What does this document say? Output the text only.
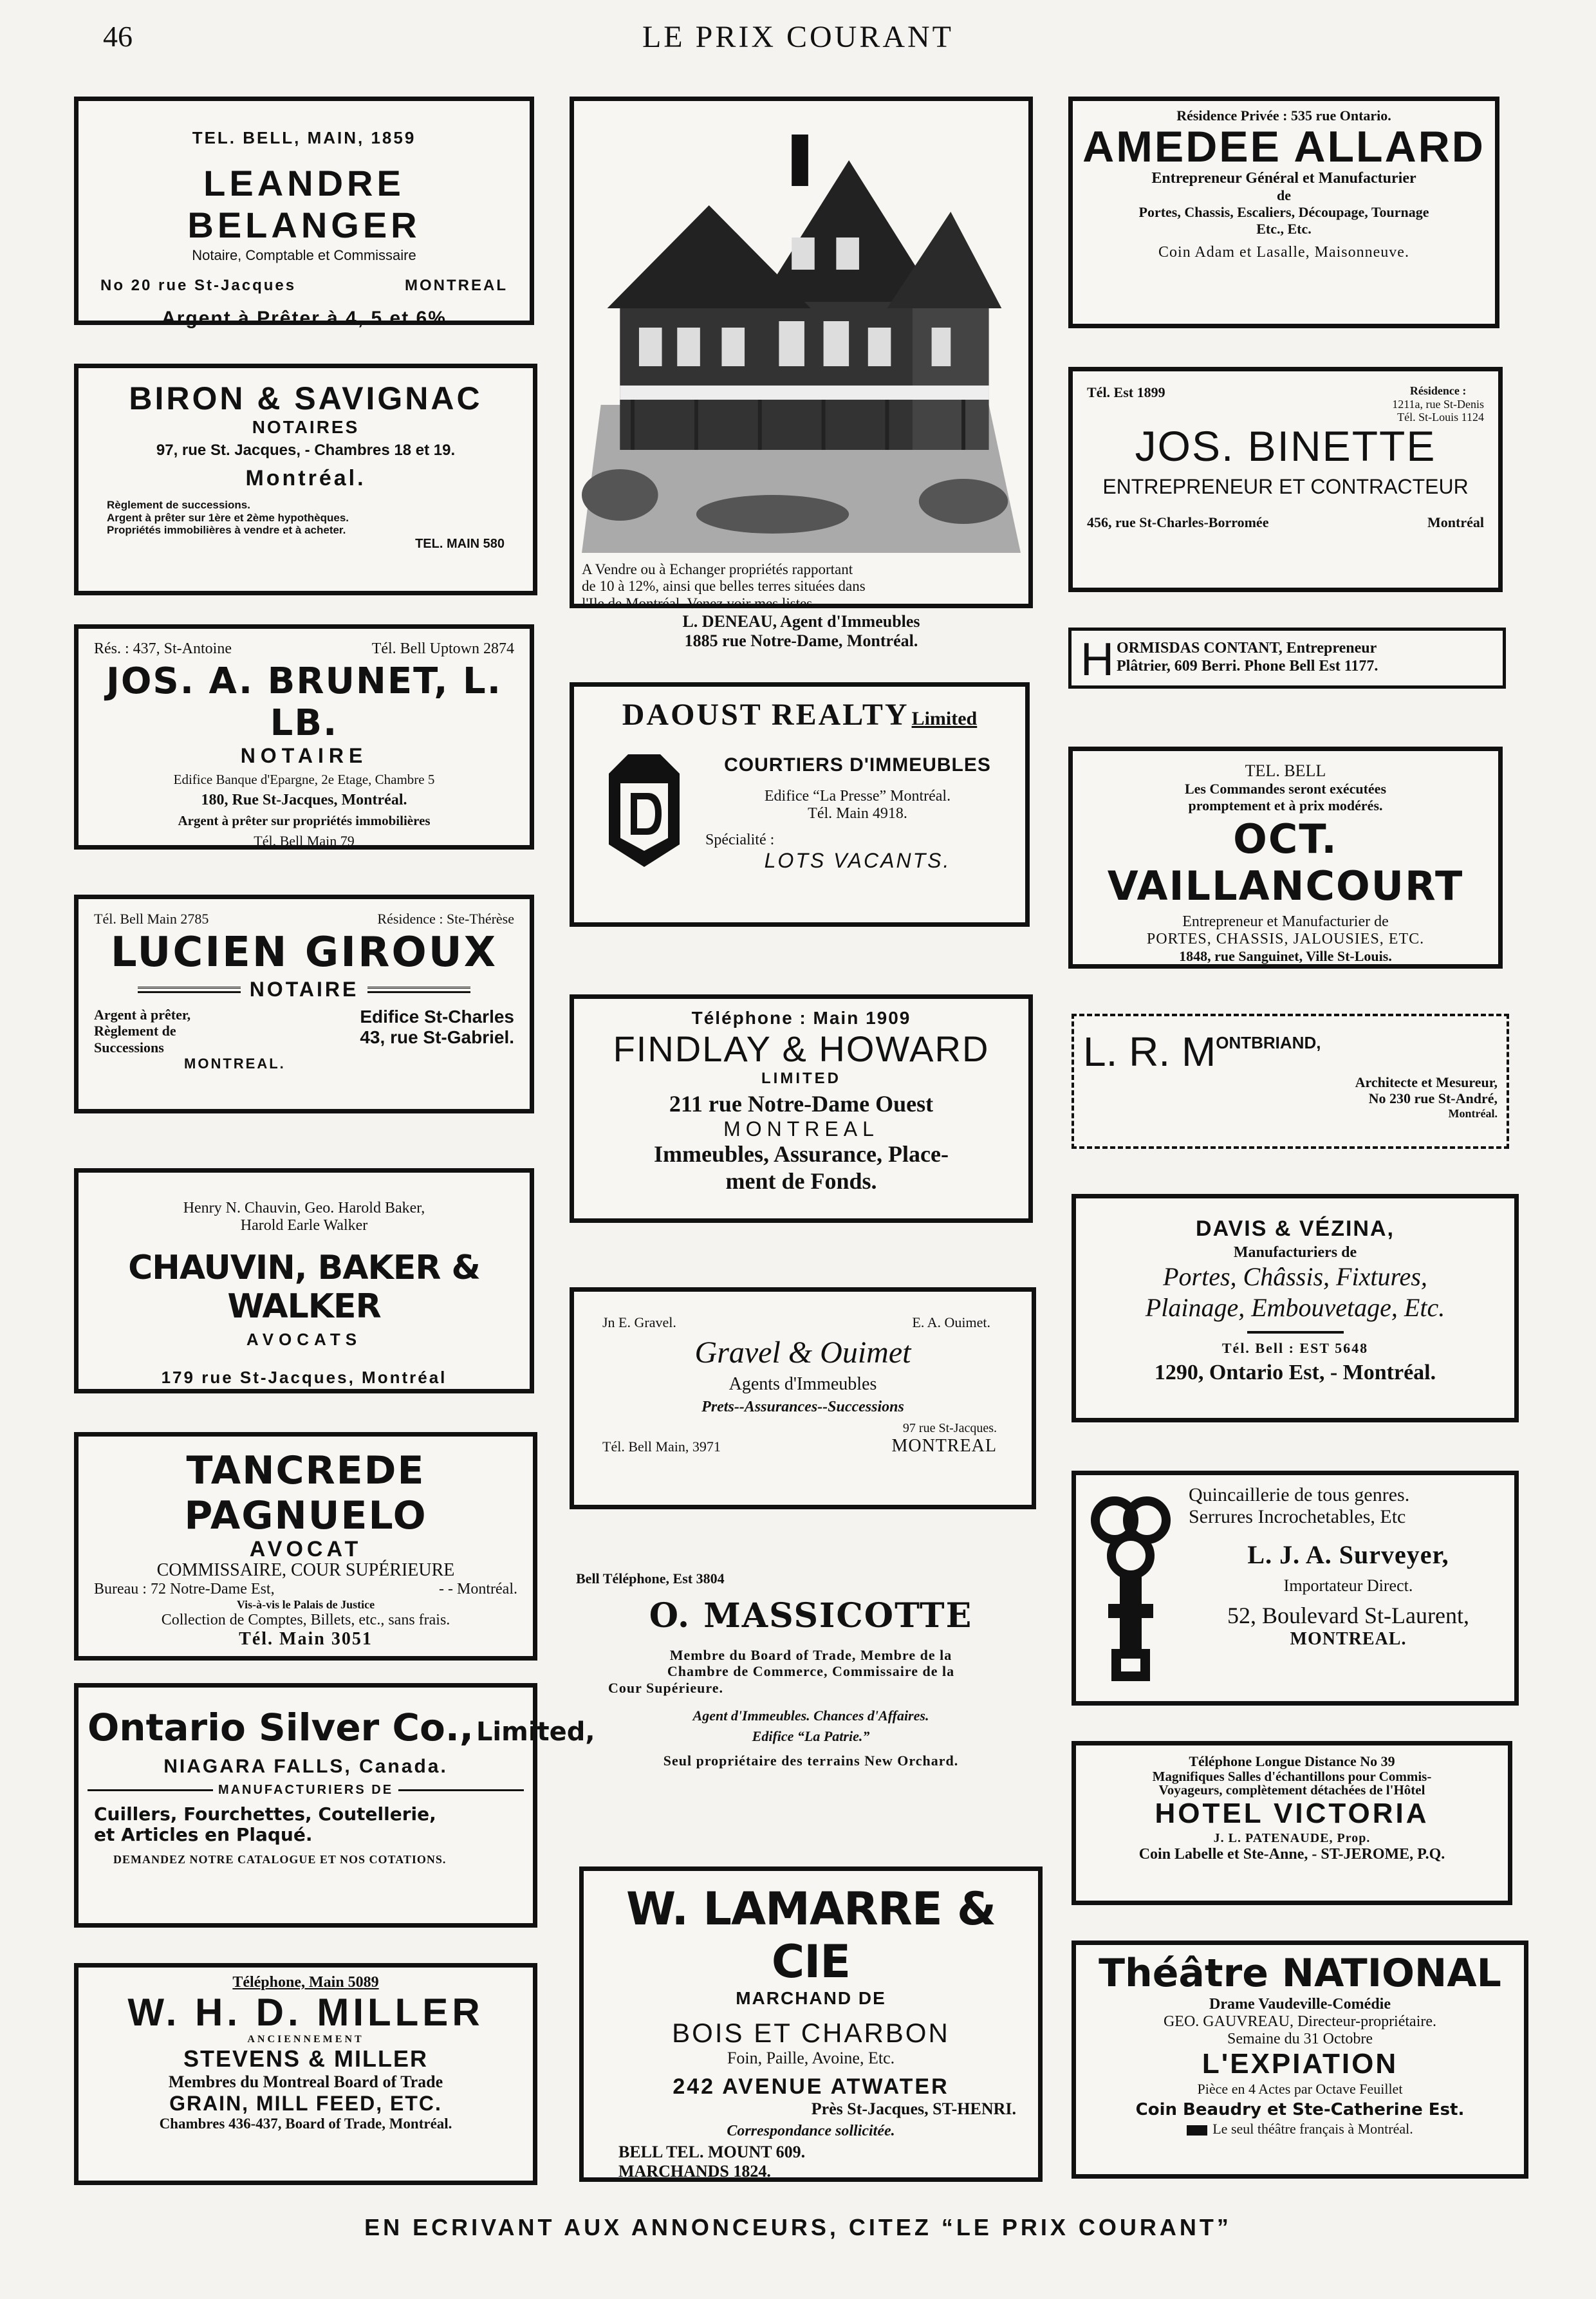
46	LE PRIX COURANT
TEL. BELL, MAIN, 1859
LEANDRE BELANGER
Notaire, Comptable et Commissaire
No 20 rue St-Jacques	MONTREAL
Argent à Prêter à 4, 5 et 6%
BIRON & SAVIGNAC
NOTAIRES
97, rue St. Jacques, - Chambres 18 et 19.
Montréal.
Règlement de successions.
Argent à prêter sur 1ère et 2ème hypothèques.
Propriétés immobilières à vendre et à acheter.
TEL. MAIN 580
Rés. : 437, St-Antoine	Tél. Bell Uptown 2874
JOS. A. BRUNET, L. LB.
NOTAIRE
Edifice Banque d'Epargne, 2e Etage, Chambre 5
180, Rue St-Jacques, Montréal.
Argent à prêter sur propriétés immobilières
Tél. Bell Main 79
Tél. Bell Main 2785	Résidence : Ste-Thérèse
LUCIEN GIROUX
NOTAIRE
Argent à prêter,
Règlement de
Successions
Edifice St-Charles
43, rue St-Gabriel.
MONTREAL.
Henry N. Chauvin, Geo. Harold Baker,
Harold Earle Walker
CHAUVIN, BAKER & WALKER
AVOCATS
179 rue St-Jacques, Montréal
TANCREDE PAGNUELO
AVOCAT
COMMISSAIRE, COUR SUPÉRIEURE
Bureau : 72 Notre-Dame Est,	- - Montréal.
Vis-à-vis le Palais de Justice
Collection de Comptes, Billets, etc., sans frais.
Tél. Main 3051
Ontario Silver Co., Limited,
NIAGARA FALLS, Canada.
MANUFACTURIERS DE
Cuillers, Fourchettes, Coutellerie,
et Articles en Plaqué.
DEMANDEZ NOTRE CATALOGUE ET NOS COTATIONS.
Téléphone, Main 5089
W. H. D. MILLER
ANCIENNEMENT
STEVENS & MILLER
Membres du Montreal Board of Trade
GRAIN, MILL FEED, ETC.
Chambres 436-437, Board of Trade, Montréal.
A Vendre ou à Echanger propriétés rapportant
de 10 à 12%, ainsi que belles terres situées dans
l'Ile de Montréal. Venez voir mes listes.
L. DENEAU, Agent d'Immeubles
1885 rue Notre-Dame, Montréal.
DAOUST REALTY Limited
COURTIERS D'IMMEUBLES
Edifice “La Presse” Montréal.
Tél. Main 4918.
Spécialité :
LOTS VACANTS.
Téléphone : Main 1909
FINDLAY & HOWARD
LIMITED
211 rue Notre-Dame Ouest
MONTREAL
Immeubles, Assurance, Place-
ment de Fonds.
Jn E. Gravel.	E. A. Ouimet.
Gravel & Ouimet
Agents d'Immeubles
Prets--Assurances--Successions
97 rue St-Jacques.
Tél. Bell Main, 3971	MONTREAL
Bell Téléphone, Est 3804
O. MASSICOTTE
Membre du Board of Trade, Membre de la
Chambre de Commerce, Commissaire de la
Cour Supérieure.
Agent d'Immeubles. Chances d'Affaires.
Edifice “La Patrie.”
Seul propriétaire des terrains New Orchard.
W. LAMARRE & CIE
MARCHAND DE
BOIS ET CHARBON
Foin, Paille, Avoine, Etc.
242 AVENUE ATWATER
Près St-Jacques, ST-HENRI.
Correspondance sollicitée.
BELL TEL. MOUNT 609.
MARCHANDS 1824.
Résidence Privée : 535 rue Ontario.
AMEDEE ALLARD
Entrepreneur Général et Manufacturier
de
Portes, Chassis, Escaliers, Découpage, Tournage
Etc., Etc.
Coin Adam et Lasalle, Maisonneuve.
Tél. Est 1899	Résidence :
1211a, rue St-Denis
Tél. St-Louis 1124
JOS. BINETTE
ENTREPRENEUR ET CONTRACTEUR
456, rue St-Charles-Borromée	Montréal
H ORMISDAS CONTANT, Entrepreneur
Plâtrier, 609 Berri. Phone Bell Est 1177.
TEL. BELL
Les Commandes seront exécutées
promptement et à prix modérés.
OCT. VAILLANCOURT
Entrepreneur et Manufacturier de
PORTES, CHASSIS, JALOUSIES, ETC.
1848, rue Sanguinet, Ville St-Louis.
L. R. MONTBRIAND,
Architecte et Mesureur,
No 230 rue St-André,
Montréal.
DAVIS & VÉZINA,
Manufacturiers de
Portes, Châssis, Fixtures,
Plainage, Embouvetage, Etc.
Tél. Bell : EST 5648
1290, Ontario Est, - Montréal.
Quincaillerie de tous genres.
Serrures Incrochetables, Etc
L. J. A. Surveyer,
Importateur Direct.
52, Boulevard St-Laurent,
MONTREAL.
Téléphone Longue Distance No 39
Magnifiques Salles d'échantillons pour Commis-
Voyageurs, complètement détachées de l'Hôtel
HOTEL VICTORIA
J. L. PATENAUDE, Prop.
Coin Labelle et Ste-Anne, - ST-JEROME, P.Q.
Théâtre NATIONAL
Drame Vaudeville-Comédie
GEO. GAUVREAU, Directeur-propriétaire.
Semaine du 31 Octobre
L'EXPIATION
Pièce en 4 Actes par Octave Feuillet
Coin Beaudry et Ste-Catherine Est.
Le seul théâtre français à Montréal.
EN ECRIVANT AUX ANNONCEURS, CITEZ “LE PRIX COURANT”
